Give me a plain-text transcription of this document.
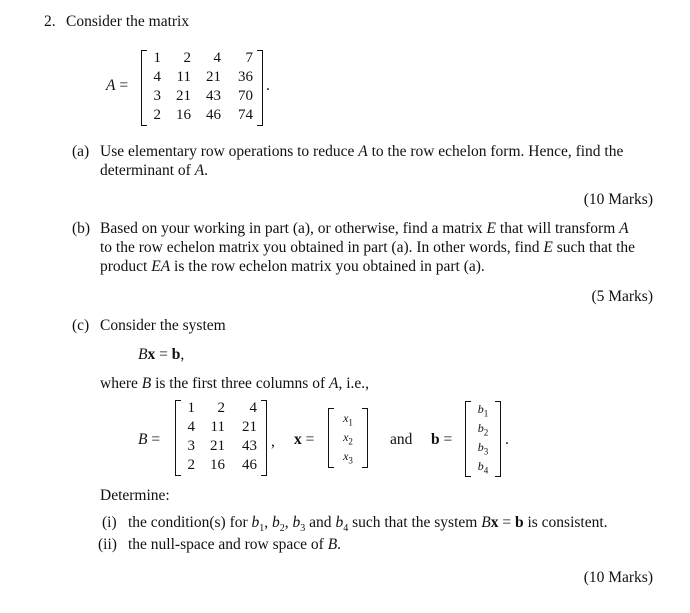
2. Consider the matrix
A =
1 2 4 7
4 11 21 36
3 21 43 70
2 16 46 74
.
(a) Use elementary row operations to reduce A to the row echelon form. Hence, find the
determinant of A.
(10 Marks)
(b) Based on your working in part (a), or otherwise, find a matrix E that will transform A
to the row echelon matrix you obtained in part (a). In other words, find E such that the
product EA is the row echelon matrix you obtained in part (a).
(5 Marks)
(c) Consider the system
Bx = b,
where B is the first three columns of A, i.e.,
B =
1 2 4
4 11 21
3 21 43
2 16 46
, x =
$x_1$
$x_2$
$x_3$
and b =
$b_1$
$b_2$
$b_3$
$b_4$
.
Determine:
(i) the condition(s) for $b_1$, $b_2$, $b_3$ and $b_4$ such that the system Bx = b is consistent.
(ii) the null-space and row space of B.
(10 Marks)
